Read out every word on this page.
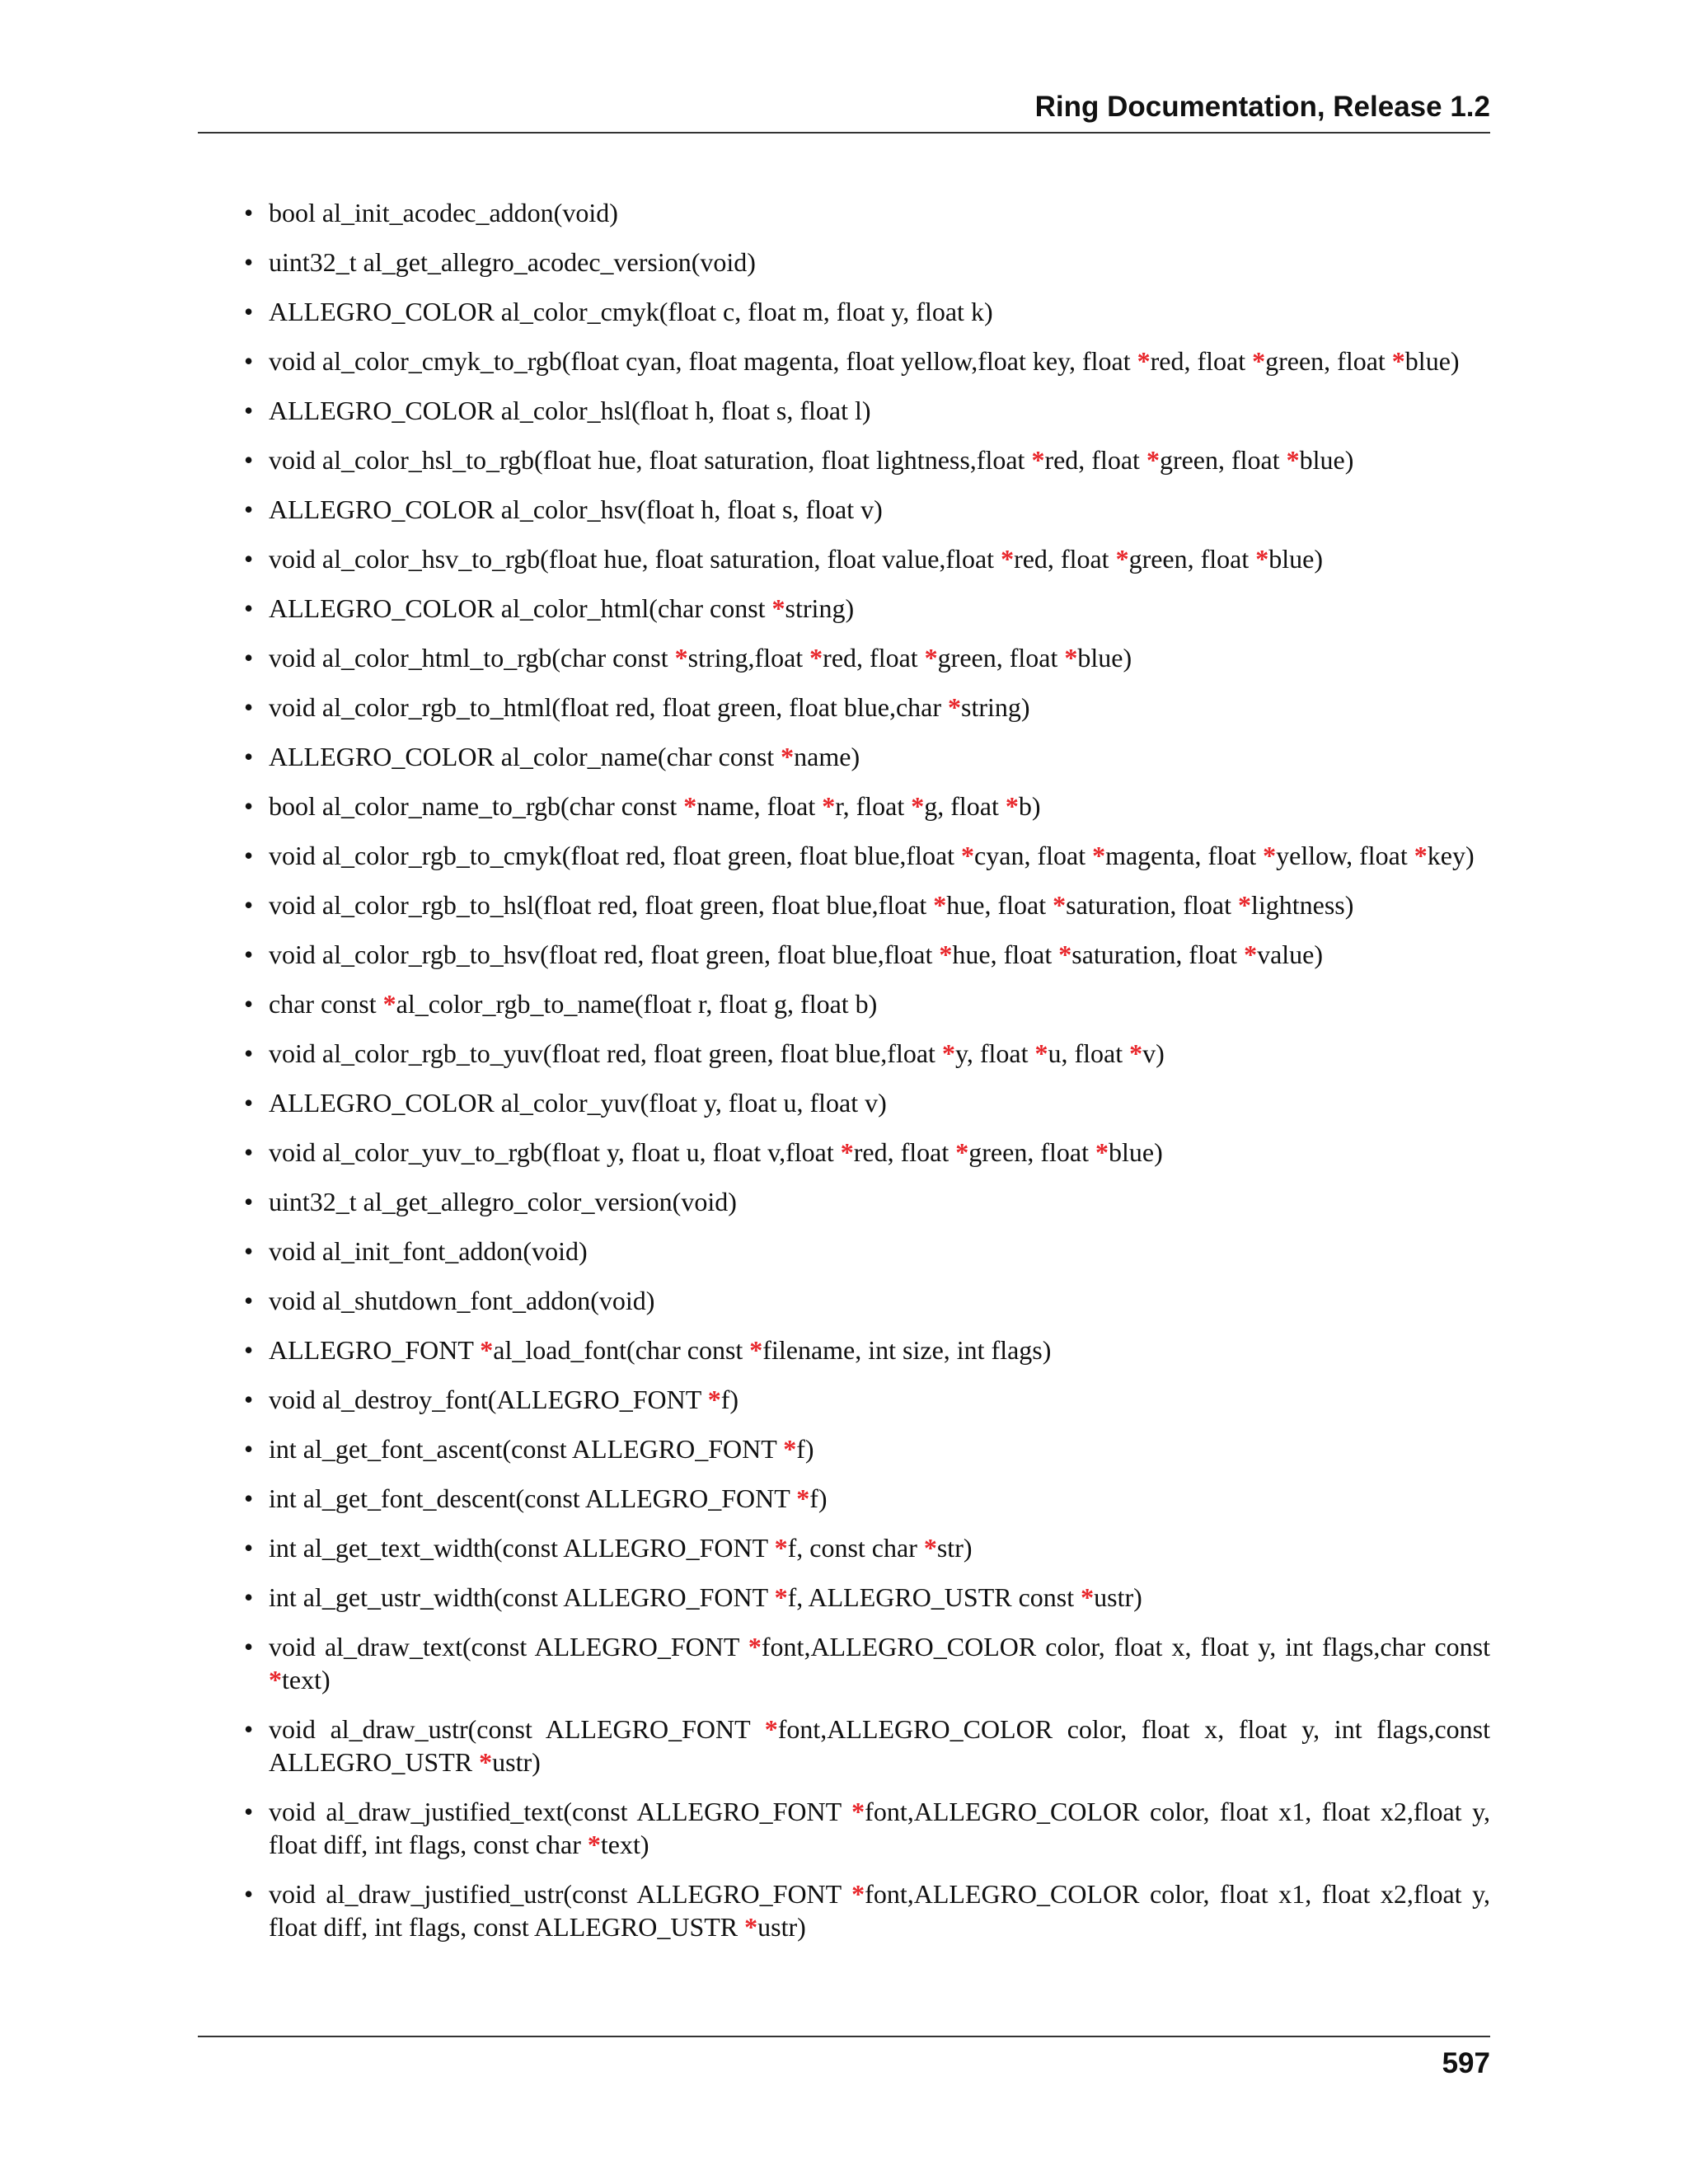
Ring Documentation, Release 1.2
• bool al_init_acodec_addon(void)
• uint32_t al_get_allegro_acodec_version(void)
• ALLEGRO_COLOR al_color_cmyk(float c, float m, float y, float k)
• void al_color_cmyk_to_rgb(float cyan, float magenta, float yellow,float key, float *red, float *green, float *blue)
• ALLEGRO_COLOR al_color_hsl(float h, float s, float l)
• void al_color_hsl_to_rgb(float hue, float saturation, float lightness,float *red, float *green, float *blue)
• ALLEGRO_COLOR al_color_hsv(float h, float s, float v)
• void al_color_hsv_to_rgb(float hue, float saturation, float value,float *red, float *green, float *blue)
• ALLEGRO_COLOR al_color_html(char const *string)
• void al_color_html_to_rgb(char const *string,float *red, float *green, float *blue)
• void al_color_rgb_to_html(float red, float green, float blue,char *string)
• ALLEGRO_COLOR al_color_name(char const *name)
• bool al_color_name_to_rgb(char const *name, float *r, float *g, float *b)
• void al_color_rgb_to_cmyk(float red, float green, float blue,float *cyan, float *magenta, float *yellow, float *key)
• void al_color_rgb_to_hsl(float red, float green, float blue,float *hue, float *saturation, float *lightness)
• void al_color_rgb_to_hsv(float red, float green, float blue,float *hue, float *saturation, float *value)
• char const *al_color_rgb_to_name(float r, float g, float b)
• void al_color_rgb_to_yuv(float red, float green, float blue,float *y, float *u, float *v)
• ALLEGRO_COLOR al_color_yuv(float y, float u, float v)
• void al_color_yuv_to_rgb(float y, float u, float v,float *red, float *green, float *blue)
• uint32_t al_get_allegro_color_version(void)
• void al_init_font_addon(void)
• void al_shutdown_font_addon(void)
• ALLEGRO_FONT *al_load_font(char const *filename, int size, int flags)
• void al_destroy_font(ALLEGRO_FONT *f)
• int al_get_font_ascent(const ALLEGRO_FONT *f)
• int al_get_font_descent(const ALLEGRO_FONT *f)
• int al_get_text_width(const ALLEGRO_FONT *f, const char *str)
• int al_get_ustr_width(const ALLEGRO_FONT *f, ALLEGRO_USTR const *ustr)
• void al_draw_text(const ALLEGRO_FONT *font,ALLEGRO_COLOR color, float x, float y, int flags,char const *text)
• void al_draw_ustr(const ALLEGRO_FONT *font,ALLEGRO_COLOR color, float x, float y, int flags,const ALLEGRO_USTR *ustr)
• void al_draw_justified_text(const ALLEGRO_FONT *font,ALLEGRO_COLOR color, float x1, float x2,float y, float diff, int flags, const char *text)
• void al_draw_justified_ustr(const ALLEGRO_FONT *font,ALLEGRO_COLOR color, float x1, float x2,float y, float diff, int flags, const ALLEGRO_USTR *ustr)
597
